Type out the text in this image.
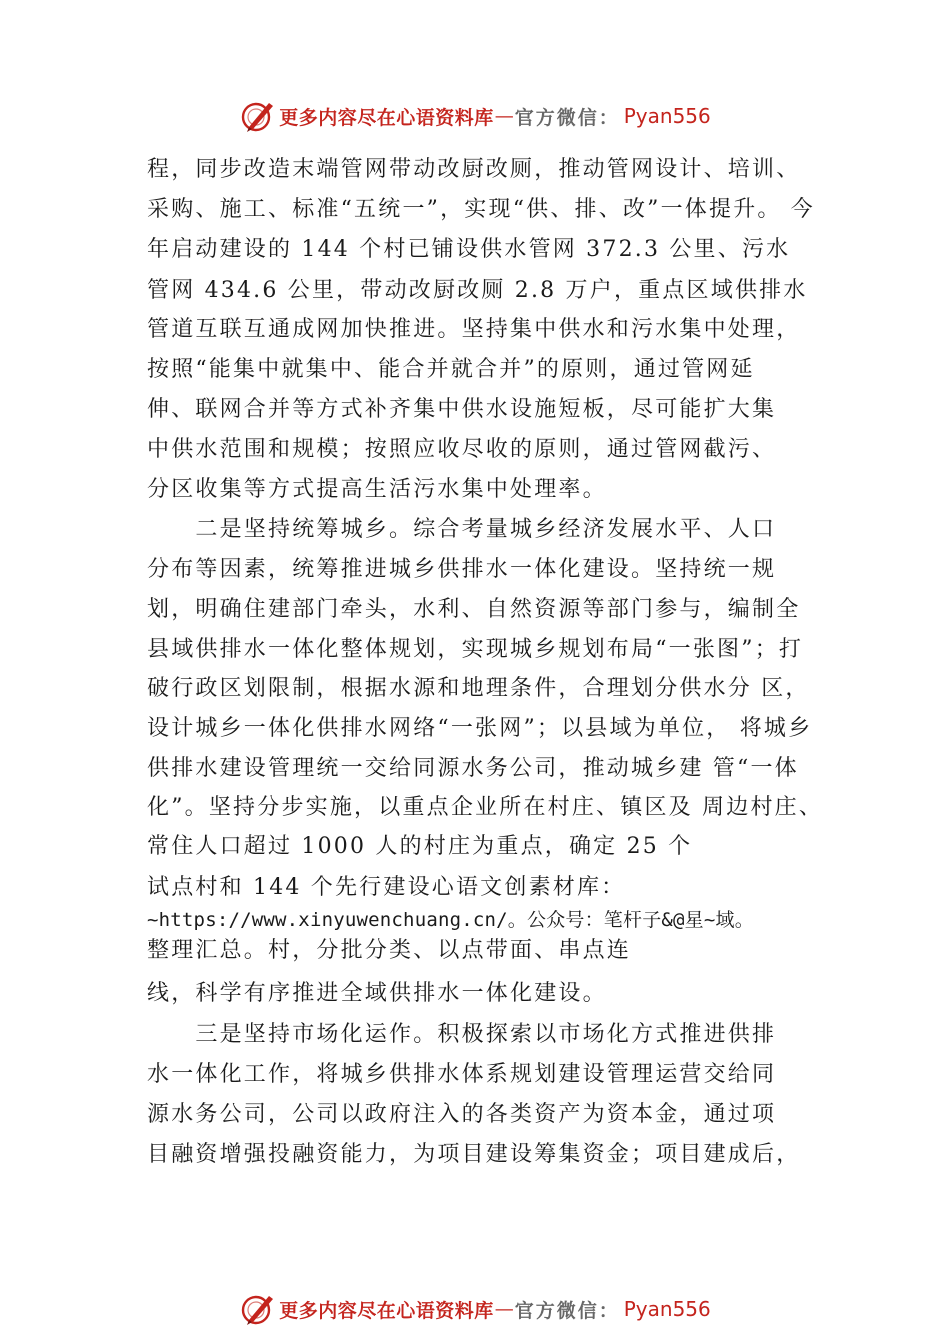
更多内容尽在心语资料库 — 官方微信： Pyan556
程，同步改造末端管网带动改厨改厕，推动管网设计、培训、
采购、施工、标准“五统一”，实现“供、排、改”一体提升。 今
年启动建设的 144 个村已铺设供水管网 372.3 公里、污水
管网 434.6 公里，带动改厨改厕 2.8 万户，重点区域供排水
管道互联互通成网加快推进。坚持集中供水和污水集中处理，
按照“能集中就集中、能合并就合并”的原则，通过管网延
伸、联网合并等方式补齐集中供水设施短板，尽可能扩大集
中供水范围和规模；按照应收尽收的原则，通过管网截污、
分区收集等方式提高生活污水集中处理率。
　　二是坚持统筹城乡。综合考量城乡经济发展水平、人口
分布等因素，统筹推进城乡供排水一体化建设。坚持统一规
划，明确住建部门牵头，水利、自然资源等部门参与，编制全
县域供排水一体化整体规划，实现城乡规划布局“一张图”；打
破行政区划限制，根据水源和地理条件，合理划分供水分 区，
设计城乡一体化供排水网络“一张网”；以县域为单位， 将城乡
供排水建设管理统一交给同源水务公司，推动城乡建 管“一体
化”。坚持分步实施，以重点企业所在村庄、镇区及 周边村庄、
常住人口超过 1000 人的村庄为重点，确定 25 个
试点村和 144 个先行建设心语文创素材库：
~https://www.xinyuwenchuang.cn/。公众号：笔杆子&@星~域。
整理汇总。村，分批分类、以点带面、串点连
线，科学有序推进全域供排水一体化建设。
　　三是坚持市场化运作。积极探索以市场化方式推进供排
水一体化工作，将城乡供排水体系规划建设管理运营交给同
源水务公司，公司以政府注入的各类资产为资本金，通过项
目融资增强投融资能力，为项目建设筹集资金；项目建成后，
更多内容尽在心语资料库 — 官方微信： Pyan556
